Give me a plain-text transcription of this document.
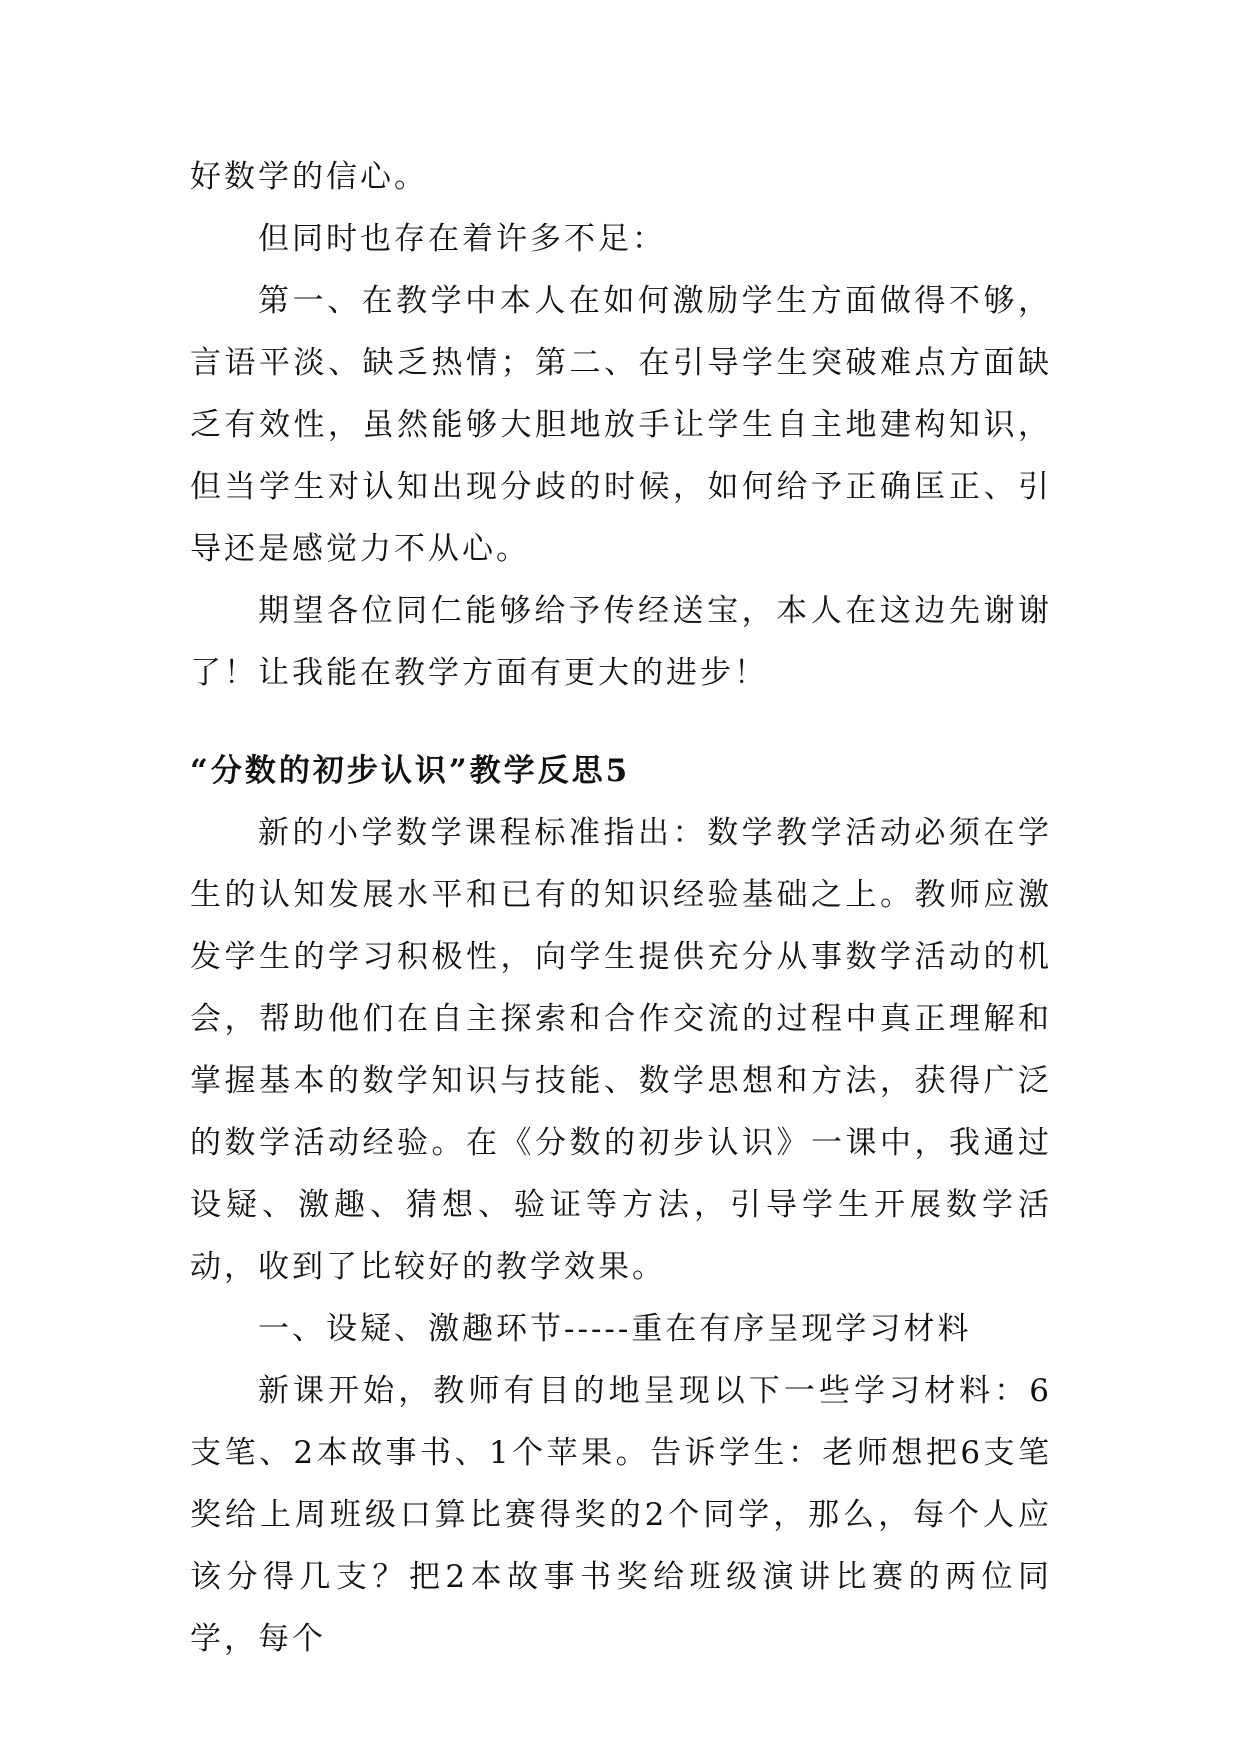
好数学的信心。

但同时也存在着许多不足：

第一、在教学中本人在如何激励学生方面做得不够，言语平淡、缺乏热情；第二、在引导学生突破难点方面缺乏有效性，虽然能够大胆地放手让学生自主地建构知识，但当学生对认知出现分歧的时候，如何给予正确匡正、引导还是感觉力不从心。

期望各位同仁能够给予传经送宝，本人在这边先谢谢了！让我能在教学方面有更大的进步！

“分数的初步认识”教学反思5

新的小学数学课程标准指出：数学教学活动必须在学生的认知发展水平和已有的知识经验基础之上。教师应激发学生的学习积极性，向学生提供充分从事数学活动的机会，帮助他们在自主探索和合作交流的过程中真正理解和掌握基本的数学知识与技能、数学思想和方法，获得广泛的数学活动经验。在《分数的初步认识》一课中，我通过设疑、激趣、猜想、验证等方法，引导学生开展数学活动，收到了比较好的教学效果。

一、设疑、激趣环节-----重在有序呈现学习材料

新课开始，教师有目的地呈现以下一些学习材料：6支笔、2本故事书、1个苹果。告诉学生：老师想把6支笔奖给上周班级口算比赛得奖的2个同学，那么，每个人应该分得几支？把2本故事书奖给班级演讲比赛的两位同学，每个
